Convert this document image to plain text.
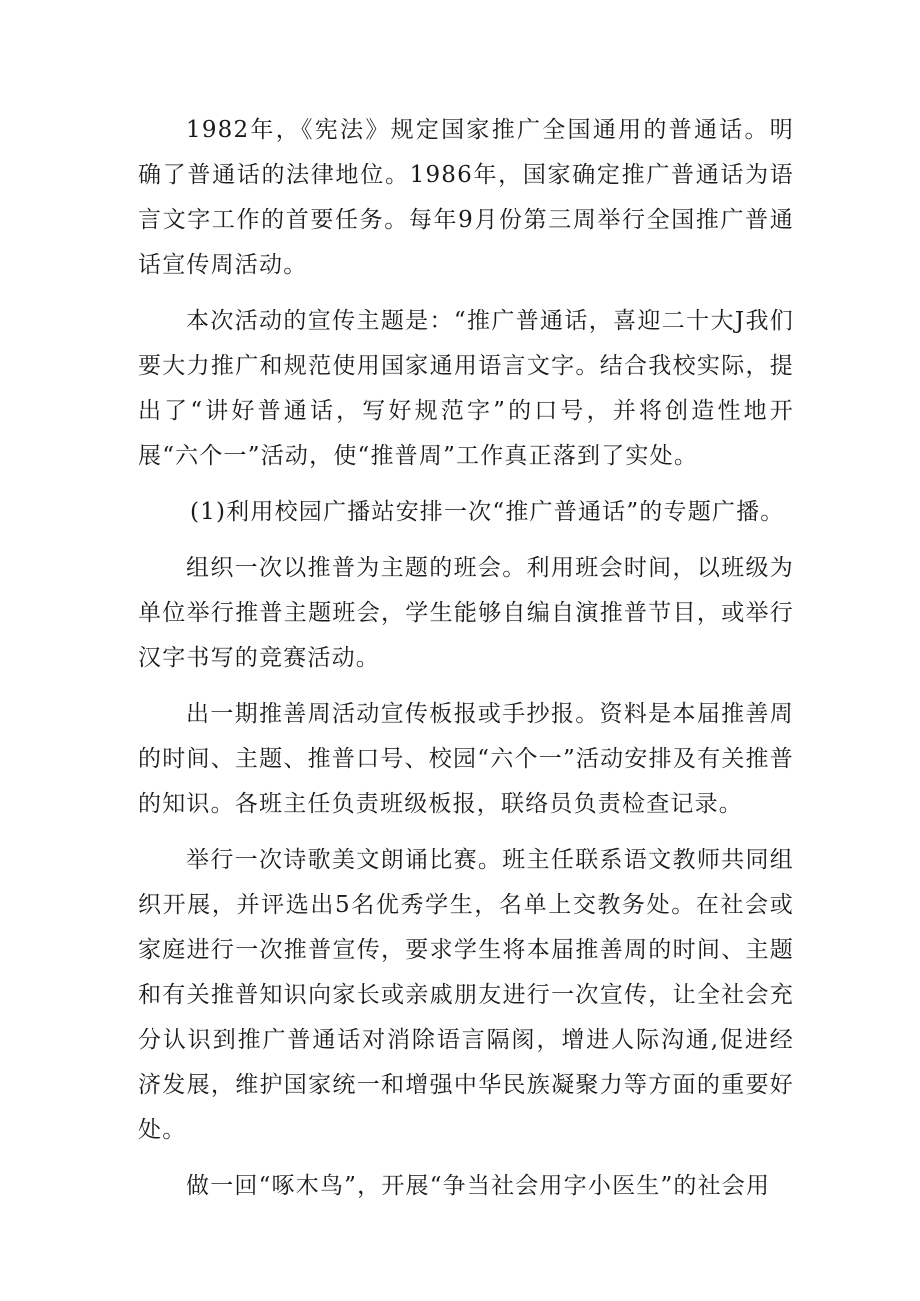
1982年，《宪法》规定国家推广全国通用的普通话。明确了普通话的法律地位。1986年，国家确定推广普通话为语言文字工作的首要任务。每年9月份第三周举行全国推广普通话宣传周活动。

本次活动的宣传主题是：“推广普通话，喜迎二十大J我们要大力推广和规范使用国家通用语言文字。结合我校实际，提出了“讲好普通话，写好规范字”的口号，并将创造性地开展“六个一”活动，使“推普周”工作真正落到了实处。

(1)利用校园广播站安排一次“推广普通话”的专题广播。

组织一次以推普为主题的班会。利用班会时间，以班级为单位举行推普主题班会，学生能够自编自演推普节目，或举行汉字书写的竞赛活动。

出一期推善周活动宣传板报或手抄报。资料是本届推善周的时间、主题、推普口号、校园“六个一”活动安排及有关推普的知识。各班主任负责班级板报，联络员负责检查记录。

举行一次诗歌美文朗诵比赛。班主任联系语文教师共同组织开展，并评选出5名优秀学生，名单上交教务处。在社会或家庭进行一次推普宣传，要求学生将本届推善周的时间、主题和有关推普知识向家长或亲戚朋友进行一次宣传，让全社会充分认识到推广普通话对消除语言隔阂，增进人际沟通,促进经济发展，维护国家统一和增强中华民族凝聚力等方面的重要好处。

做一回“啄木鸟”，开展“争当社会用字小医生”的社会用
